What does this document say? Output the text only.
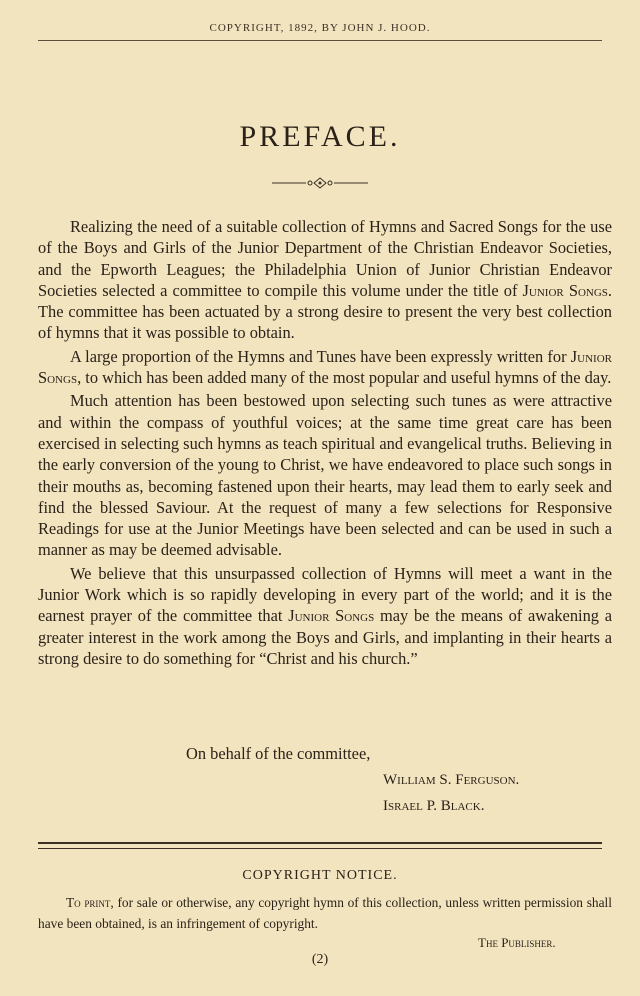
COPYRIGHT, 1892, BY JOHN J. HOOD.
PREFACE.

Realizing the need of a suitable collection of Hymns and Sacred Songs for the use of the Boys and Girls of the Junior Department of the Christian Endeavor Societies, and the Epworth Leagues; the Philadelphia Union of Junior Christian Endeavor Societies selected a committee to compile this volume under the title of Junior Songs. The committee has been actuated by a strong desire to present the very best collection of hymns that it was possible to obtain.

A large proportion of the Hymns and Tunes have been expressly written for Junior Songs, to which has been added many of the most popular and useful hymns of the day.

Much attention has been bestowed upon selecting such tunes as were attractive and within the compass of youthful voices; at the same time great care has been exercised in selecting such hymns as teach spiritual and evangelical truths. Believing in the early conversion of the young to Christ, we have endeavored to place such songs in their mouths as, becoming fastened upon their hearts, may lead them to early seek and find the blessed Saviour. At the request of many a few selections for Responsive Readings for use at the Junior Meetings have been selected and can be used in such a manner as may be deemed advisable.

We believe that this unsurpassed collection of Hymns will meet a want in the Junior Work which is so rapidly developing in every part of the world; and it is the earnest prayer of the committee that Junior Songs may be the means of awakening a greater interest in the work among the Boys and Girls, and implanting in their hearts a strong desire to do something for “Christ and his church.”

On behalf of the committee,
William S. Ferguson.
Israel P. Black.
COPYRIGHT NOTICE.

To print, for sale or otherwise, any copyright hymn of this collection, unless written permission shall have been obtained, is an infringement of copyright.

The Publisher.
(2)
